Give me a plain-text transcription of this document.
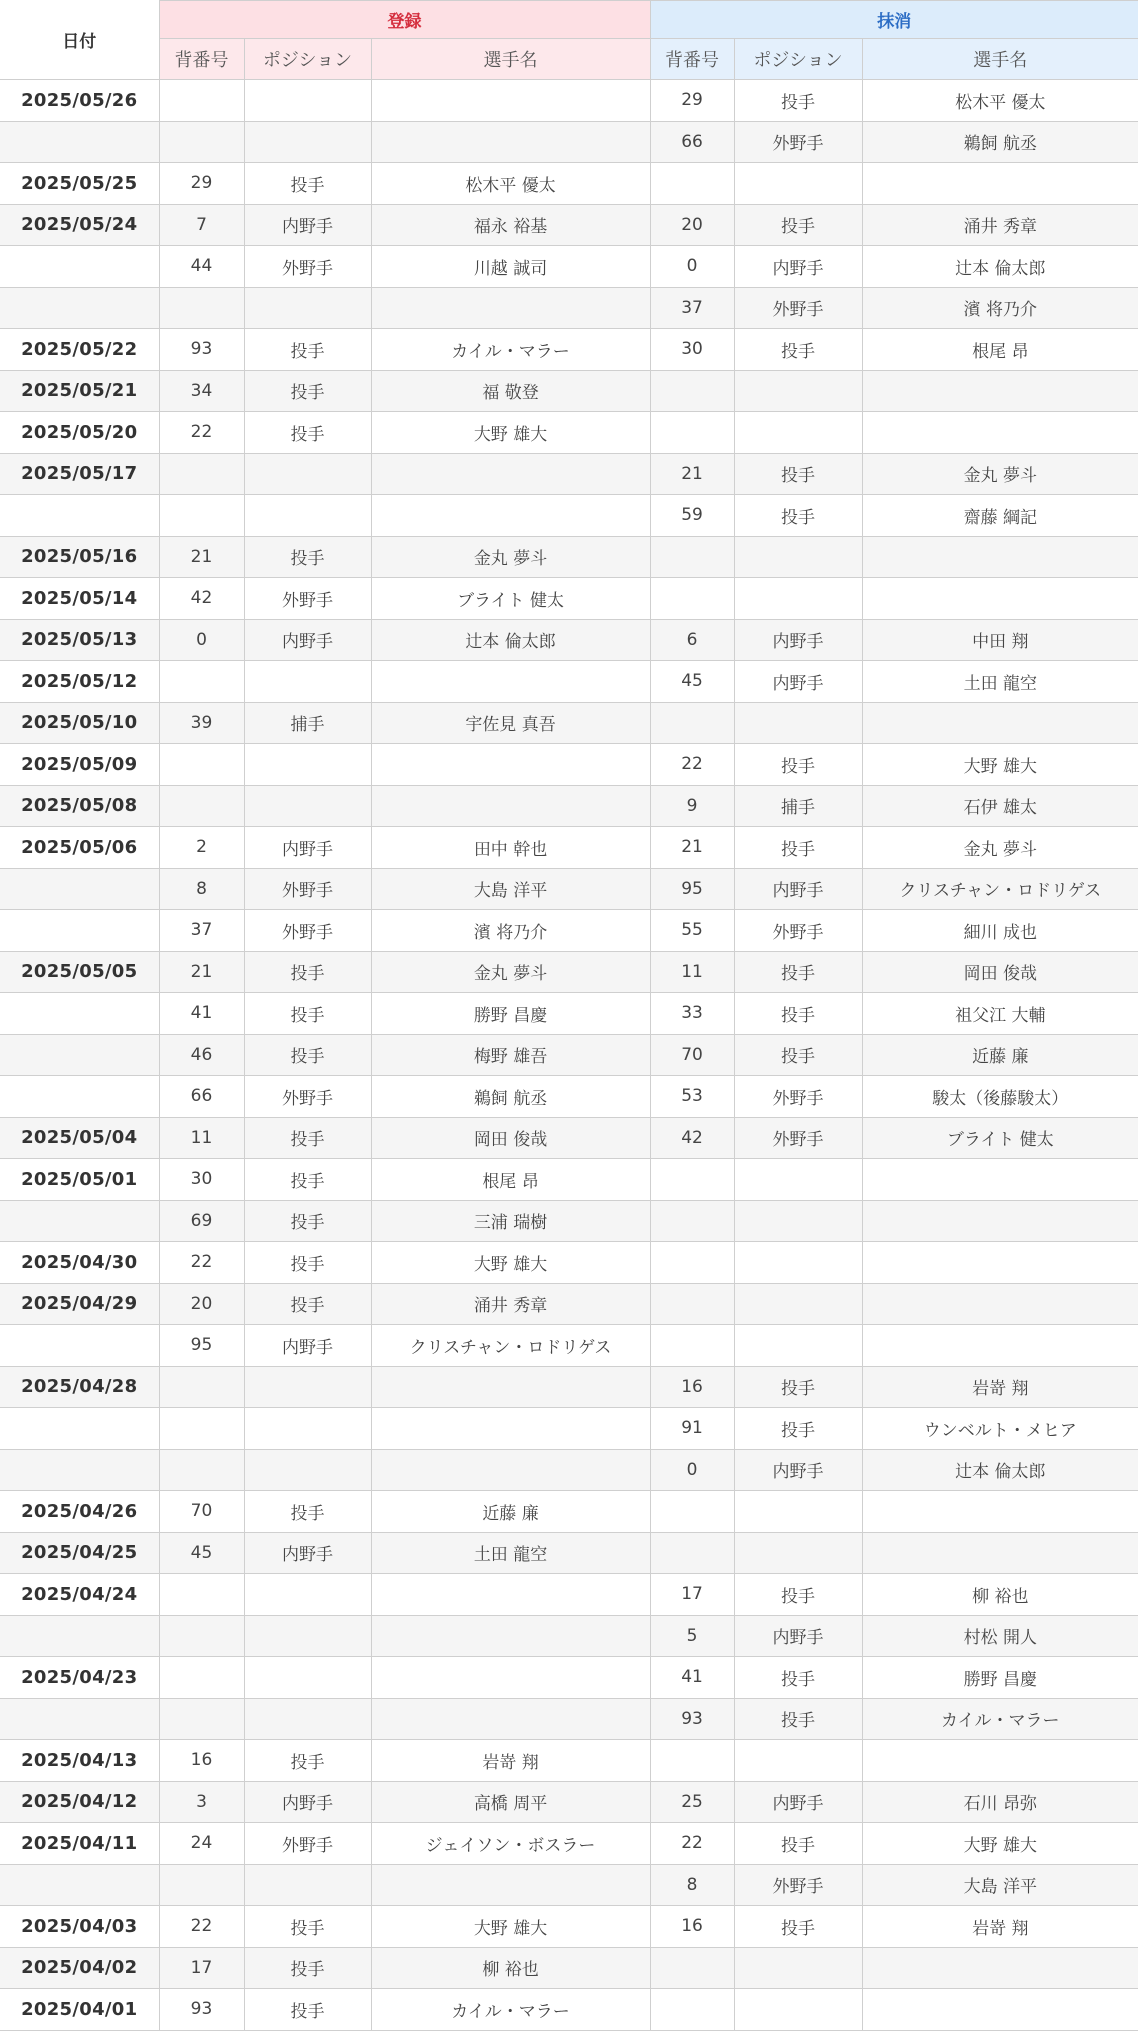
日付	登録			抹消		
	背番号	ポジション	選手名	背番号	ポジション	選手名
2025/05/26				29	投手	松木平 優太
				66	外野手	鵜飼 航丞
2025/05/25	29	投手	松木平 優太			
2025/05/24	7	内野手	福永 裕基	20	投手	涌井 秀章
	44	外野手	川越 誠司	0	内野手	辻本 倫太郎
				37	外野手	濱 将乃介
2025/05/22	93	投手	カイル・マラー	30	投手	根尾 昂
2025/05/21	34	投手	福 敬登			
2025/05/20	22	投手	大野 雄大			
2025/05/17				21	投手	金丸 夢斗
				59	投手	齋藤 綱記
2025/05/16	21	投手	金丸 夢斗			
2025/05/14	42	外野手	ブライト 健太			
2025/05/13	0	内野手	辻本 倫太郎	6	内野手	中田 翔
2025/05/12				45	内野手	土田 龍空
2025/05/10	39	捕手	宇佐見 真吾			
2025/05/09				22	投手	大野 雄大
2025/05/08				9	捕手	石伊 雄太
2025/05/06	2	内野手	田中 幹也	21	投手	金丸 夢斗
	8	外野手	大島 洋平	95	内野手	クリスチャン・ロドリゲス
	37	外野手	濱 将乃介	55	外野手	細川 成也
2025/05/05	21	投手	金丸 夢斗	11	投手	岡田 俊哉
	41	投手	勝野 昌慶	33	投手	祖父江 大輔
	46	投手	梅野 雄吾	70	投手	近藤 廉
	66	外野手	鵜飼 航丞	53	外野手	駿太（後藤駿太）
2025/05/04	11	投手	岡田 俊哉	42	外野手	ブライト 健太
2025/05/01	30	投手	根尾 昂			
	69	投手	三浦 瑞樹			
2025/04/30	22	投手	大野 雄大			
2025/04/29	20	投手	涌井 秀章			
	95	内野手	クリスチャン・ロドリゲス			
2025/04/28				16	投手	岩嵜 翔
				91	投手	ウンベルト・メヒア
				0	内野手	辻本 倫太郎
2025/04/26	70	投手	近藤 廉			
2025/04/25	45	内野手	土田 龍空			
2025/04/24				17	投手	柳 裕也
				5	内野手	村松 開人
2025/04/23				41	投手	勝野 昌慶
				93	投手	カイル・マラー
2025/04/13	16	投手	岩嵜 翔			
2025/04/12	3	内野手	高橋 周平	25	内野手	石川 昂弥
2025/04/11	24	外野手	ジェイソン・ボスラー	22	投手	大野 雄大
				8	外野手	大島 洋平
2025/04/03	22	投手	大野 雄大	16	投手	岩嵜 翔
2025/04/02	17	投手	柳 裕也			
2025/04/01	93	投手	カイル・マラー			
